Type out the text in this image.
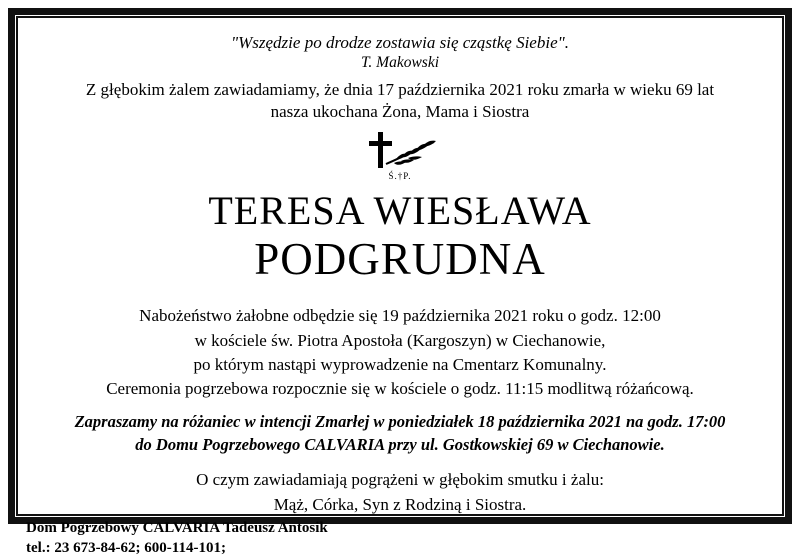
"Wszędzie po drodze zostawia się cząstkę Siebie".

T. Makowski

Z głębokim żalem zawiadamiamy, że dnia 17 października 2021 roku zmarła w wieku 69 lat
nasza ukochana Żona, Mama i Siostra

Ś.†P.
TERESA WIESŁAWA
PODGRUDNA
Nabożeństwo żałobne odbędzie się 19 października 2021 roku o godz. 12:00
w kościele św. Piotra Apostoła (Kargoszyn) w Ciechanowie,
po którym nastąpi wyprowadzenie na Cmentarz Komunalny.
Ceremonia pogrzebowa rozpocznie się w kościele o godz. 11:15 modlitwą różańcową.
Zapraszamy na różaniec w intencji Zmarłej w poniedziałek 18 października 2021 na godz. 17:00
do Domu Pogrzebowego CALVARIA przy ul. Gostkowskiej 69 w Ciechanowie.
O czym zawiadamiają pogrążeni w głębokim smutku i żalu:
Mąż, Córka, Syn z Rodziną i Siostra.
Dom Pogrzebowy CALVARIA Tadeusz Antosik
tel.: 23 673-84-62; 600-114-101;
